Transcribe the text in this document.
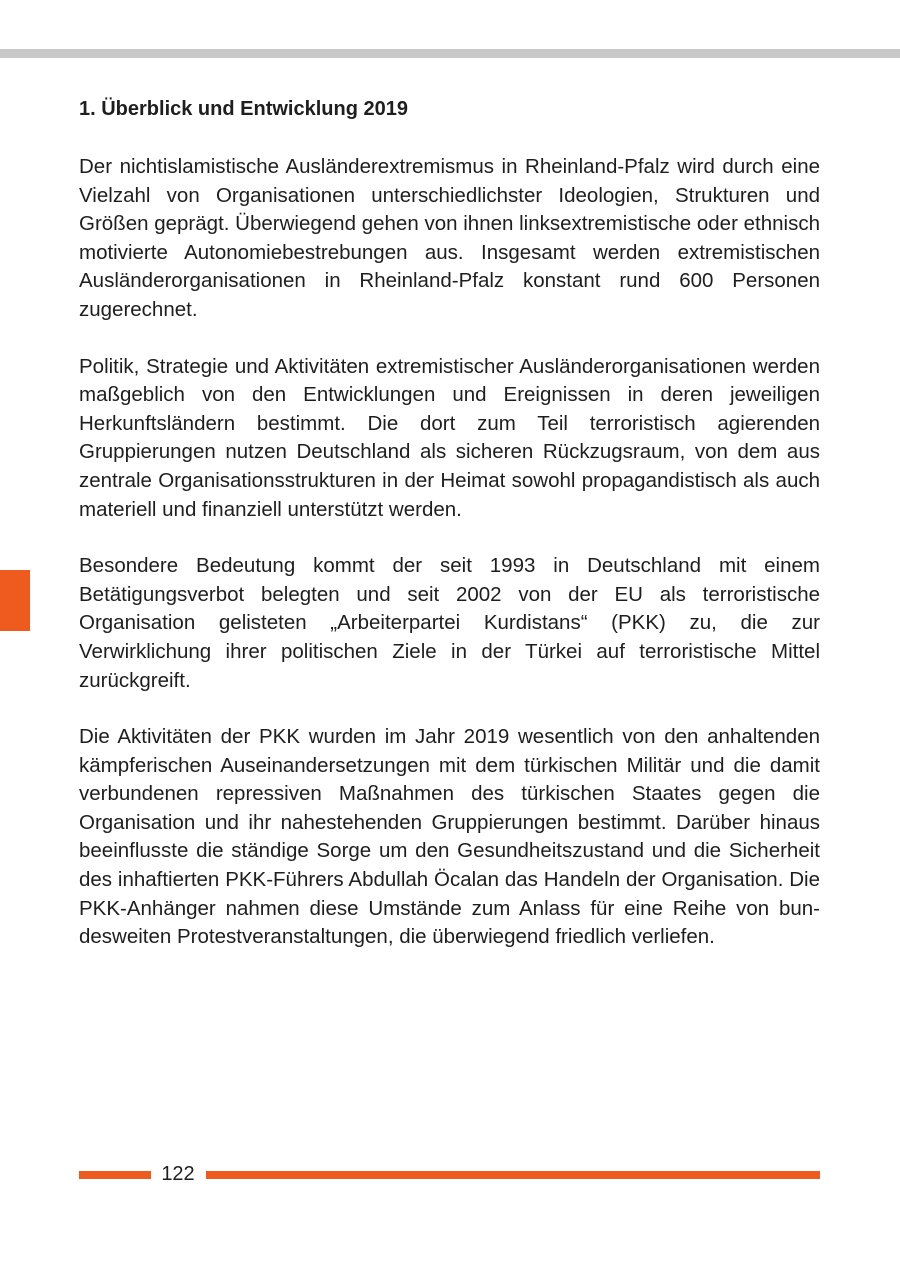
1. Überblick und Entwicklung 2019

Der nichtislamistische Ausländerextremismus in Rheinland-Pfalz wird durch eine Vielzahl von Organisationen unterschiedlichster Ideologien, Strukturen und Größen geprägt. Überwiegend gehen von ihnen linksextremistische oder ethnisch motivierte Autonomiebestrebungen aus. Insgesamt werden extremistischen Ausländerorganisationen in Rheinland-Pfalz konstant rund 600 Personen zugerechnet.

Politik, Strategie und Aktivitäten extremistischer Ausländerorganisationen werden maßgeblich von den Entwicklungen und Ereignissen in deren jeweiligen Herkunftsländern bestimmt. Die dort zum Teil terroristisch agierenden Gruppierungen nutzen Deutschland als sicheren Rückzugsraum, von dem aus zentrale Organisationsstrukturen in der Heimat sowohl propagandistisch als auch materiell und finanziell unterstützt werden.

Besondere Bedeutung kommt der seit 1993 in Deutschland mit einem Betätigungsverbot belegten und seit 2002 von der EU als terroristische Organisation gelisteten „Arbeiterpartei Kurdistans“ (PKK) zu, die zur Verwirklichung ihrer politischen Ziele in der Türkei auf terroristische Mittel zurückgreift.

Die Aktivitäten der PKK wurden im Jahr 2019 wesentlich von den anhaltenden kämpferischen Auseinandersetzungen mit dem türkischen Militär und die damit verbundenen repressiven Maßnahmen des türkischen Staates gegen die Organisation und ihr nahestehenden Gruppierungen bestimmt. Darüber hinaus beeinflusste die ständige Sorge um den Gesundheitszustand und die Sicherheit des inhaftierten PKK-Führers Abdullah Öcalan das Handeln der Organisation. Die PKK-Anhänger nahmen diese Umstände zum Anlass für eine Reihe von bundesweiten Protestveranstaltungen, die überwiegend friedlich verliefen.

122
